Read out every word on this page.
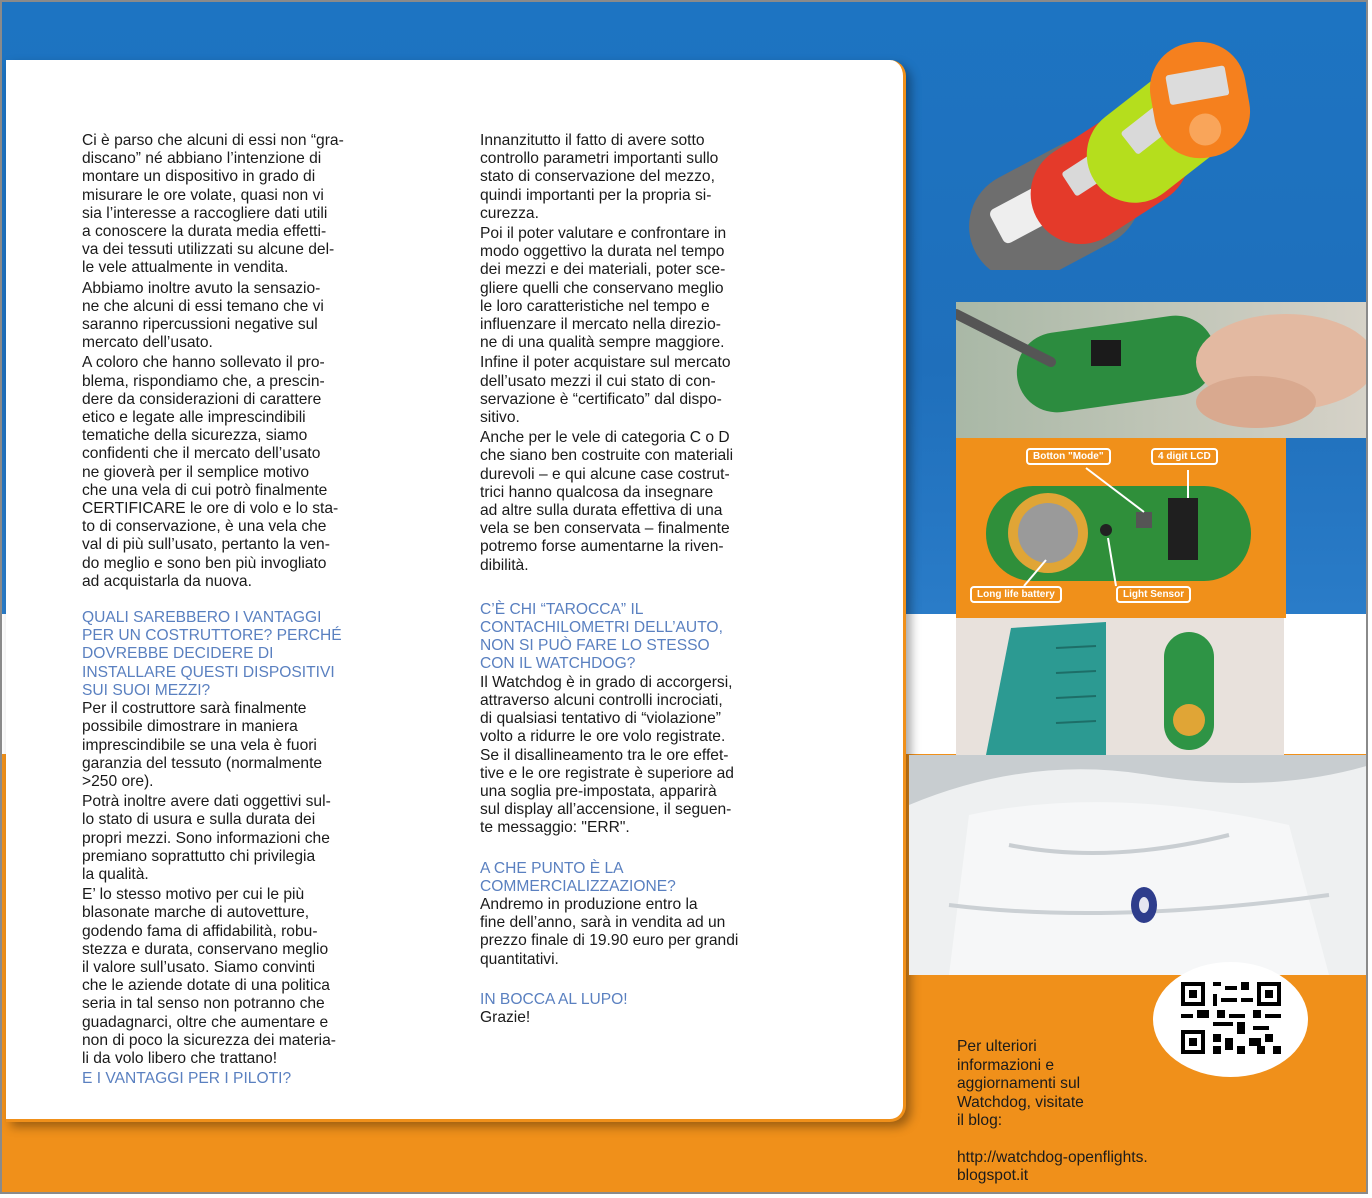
Ci è parso che alcuni di essi non “gra-
discano” né abbiano l’intenzione di
montare un dispositivo in grado di
misurare le ore volate, quasi non vi
sia l’interesse a raccogliere dati utili
a conoscere la durata media effetti-
va dei tessuti utilizzati su alcune del-
le vele attualmente in vendita.

Abbiamo inoltre avuto la sensazio-
ne che alcuni di essi temano che vi
saranno ripercussioni negative sul
mercato dell’usato.

A coloro che hanno sollevato il pro-
blema, rispondiamo che, a prescin-
dere da considerazioni di carattere
etico e legate alle imprescindibili
tematiche della sicurezza, siamo
confidenti che il mercato dell’usato
ne gioverà per il semplice motivo
che una vela di cui potrò finalmente
CERTIFICARE le ore di volo e lo sta-
to di conservazione, è una vela che
val di più sull’usato, pertanto la ven-
do meglio e sono ben più invogliato
ad acquistarla da nuova.

QUALI SAREBBERO I VANTAGGI
PER UN COSTRUTTORE? PERCHÉ
DOVREBBE DECIDERE DI
INSTALLARE QUESTI DISPOSITIVI
SUI SUOI MEZZI?

Per il costruttore sarà finalmente
possibile dimostrare in maniera
imprescindibile se una vela è fuori
garanzia del tessuto (normalmente
>250 ore).

Potrà inoltre avere dati oggettivi sul-
lo stato di usura e sulla durata dei
propri mezzi. Sono informazioni che
premiano soprattutto chi privilegia
la qualità.

E’ lo stesso motivo per cui le più
blasonate marche di autovetture,
godendo fama di affidabilità, robu-
stezza e durata, conservano meglio
il valore sull’usato. Siamo convinti
che le aziende dotate di una politica
seria in tal senso non potranno che
guadagnarci, oltre che aumentare e
non di poco la sicurezza dei materia-
li da volo libero che trattano!

E I VANTAGGI PER I PILOTI?

Innanzitutto il fatto di avere sotto
controllo parametri importanti sullo
stato di conservazione del mezzo,
quindi importanti per la propria si-
curezza.

Poi il poter valutare e confrontare in
modo oggettivo la durata nel tempo
dei mezzi e dei materiali, poter sce-
gliere quelli che conservano meglio
le loro caratteristiche nel tempo e
influenzare il mercato nella direzio-
ne di una qualità sempre maggiore.

Infine il poter acquistare sul mercato
dell’usato mezzi il cui stato di con-
servazione è “certificato” dal dispo-
sitivo.

Anche per le vele di categoria C o D
che siano ben costruite con materiali
durevoli – e qui alcune case costrut-
trici hanno qualcosa da insegnare
ad altre sulla durata effettiva di una
vela se ben conservata – finalmente
potremo forse aumentarne la riven-
dibilità.

C’È CHI “TAROCCA” IL
CONTACHILOMETRI DELL’AUTO,
NON SI PUÒ FARE LO STESSO
CON IL WATCHDOG?

Il Watchdog è in grado di accorgersi,
attraverso alcuni controlli incrociati,
di qualsiasi tentativo di “violazione”
volto a ridurre le ore volo registrate.
Se il disallineamento tra le ore effet-
tive e le ore registrate è superiore ad
una soglia pre-impostata, apparirà
sul display all’accensione, il seguen-
te messaggio: "ERR".

A CHE PUNTO È LA
COMMERCIALIZZAZIONE?

Andremo in produzione entro la
fine dell’anno, sarà in vendita ad un
prezzo finale di 19.90 euro per grandi
quantitativi.

IN BOCCA AL LUPO!

Grazie!

Botton "Mode"	4 digit LCD
Long life battery	Light Sensor

Per ulteriori
informazioni e
aggiornamenti sul
Watchdog, visitate
il blog:

http://watchdog-openflights.
blogspot.it
